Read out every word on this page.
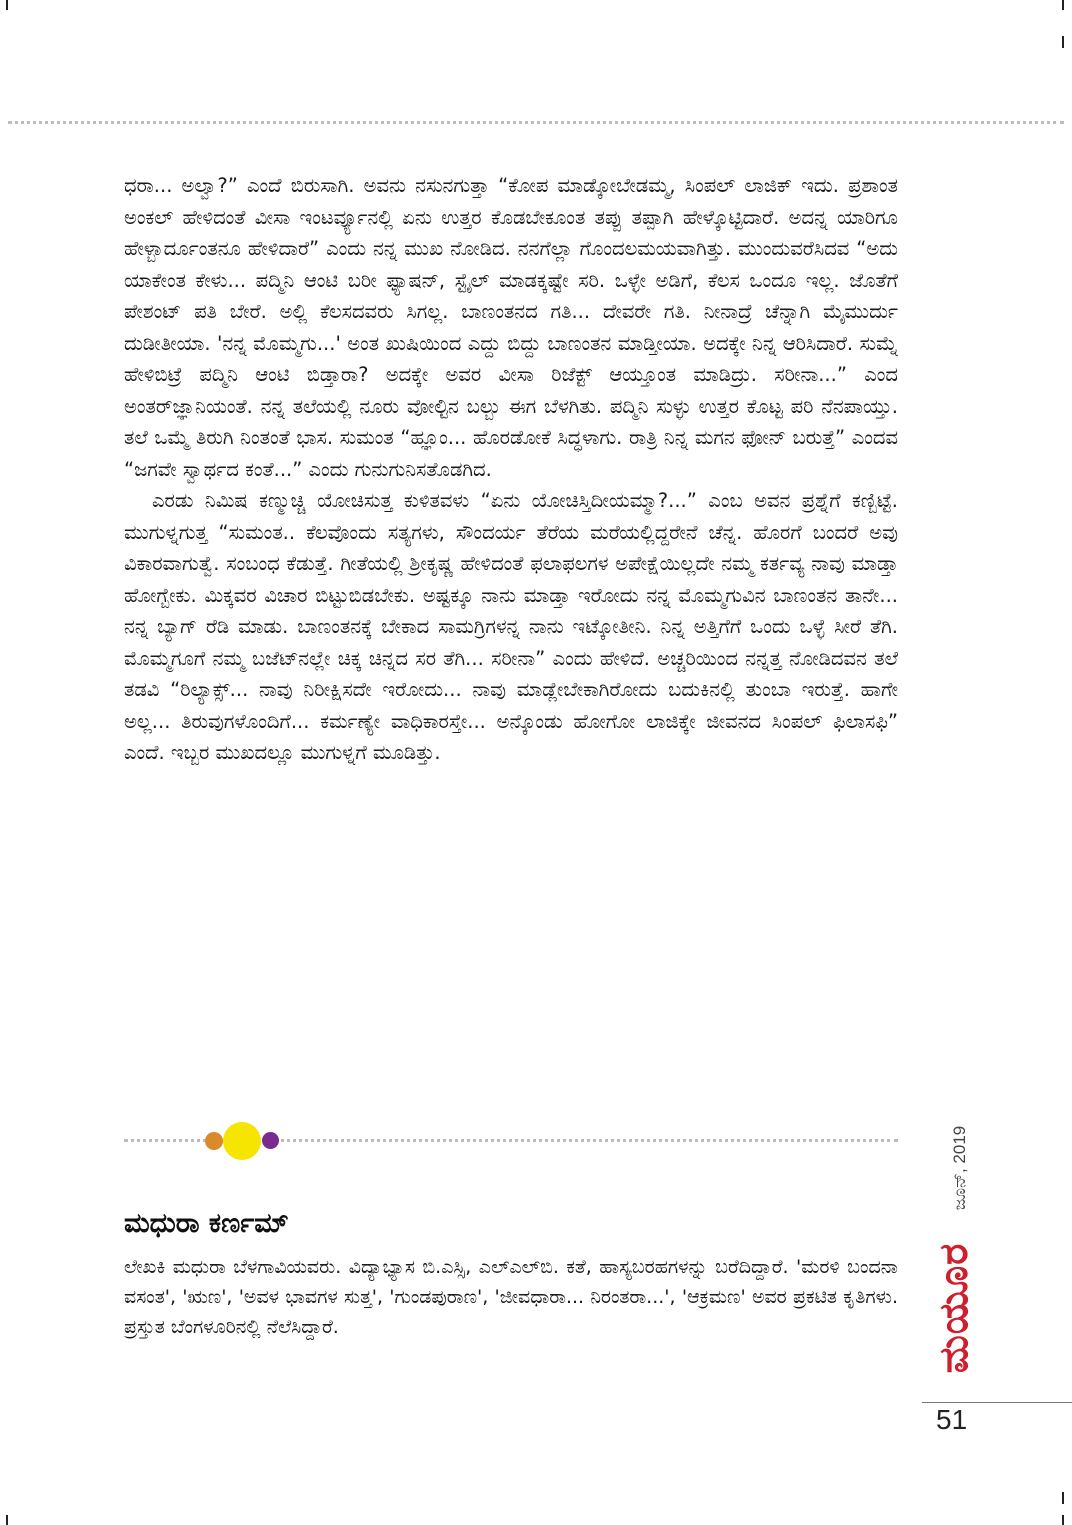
ಧರಾ... ಅಲ್ವಾ?” ಎಂದೆ ಬಿರುಸಾಗಿ. ಅವನು ನಸುನಗುತ್ತಾ “ಕೋಪ ಮಾಡ್ಕೋಬೇಡಮ್ಮ, ಸಿಂಪಲ್ ಲಾಜಿಕ್ ಇದು. ಪ್ರಶಾಂತ ಅಂಕಲ್ ಹೇಳಿದಂತೆ ವೀಸಾ ಇಂಟರ್ವ್ಯೂನಲ್ಲಿ ಏನು ಉತ್ತರ ಕೊಡಬೇಕೂಂತ ತಪ್ಪು ತಪ್ಪಾಗಿ ಹೇಳ್ಕೊಟ್ಟಿದಾರೆ. ಅದನ್ನ ಯಾರಿಗೂ ಹೇಳ್ಬಾರ್ದೂಂತನೂ ಹೇಳಿದಾರೆ” ಎಂದು ನನ್ನ ಮುಖ ನೋಡಿದ. ನನಗೆಲ್ಲಾ ಗೊಂದಲಮಯವಾಗಿತ್ತು. ಮುಂದುವರೆಸಿದವ “ಅದು ಯಾಕೇಂತ ಕೇಳು... ಪದ್ಮಿನಿ ಆಂಟಿ ಬರೀ ಫ್ಯಾಷನ್, ಸ್ಟೈಲ್ ಮಾಡಕ್ಕಷ್ಟೇ ಸರಿ. ಒಳ್ಳೇ ಅಡಿಗೆ, ಕೆಲಸ ಒಂದೂ ಇಲ್ಲ. ಜೊತೆಗೆ ಪೇಶಂಟ್ ಪತಿ ಬೇರೆ. ಅಲ್ಲಿ ಕೆಲಸದವರು ಸಿಗಲ್ಲ. ಬಾಣಂತನದ ಗತಿ... ದೇವರೇ ಗತಿ. ನೀನಾದ್ರೆ ಚೆನ್ನಾಗಿ ಮೈಮುರ್ದು ದುಡೀತೀಯಾ. 'ನನ್ನ ಮೊಮ್ಮಗು...' ಅಂತ ಖುಷಿಯಿಂದ ಎದ್ದು ಬಿದ್ದು ಬಾಣಂತನ ಮಾಡ್ತೀಯಾ. ಅದಕ್ಕೇ ನಿನ್ನ ಆರಿಸಿದಾರೆ. ಸುಮ್ನೆ ಹೇಳಿಬಿಟ್ರೆ ಪದ್ಮಿನಿ ಆಂಟಿ ಬಿಡ್ತಾರಾ? ಅದಕ್ಕೇ ಅವರ ವೀಸಾ ರಿಜೆಕ್ಟ್ ಆಯ್ತೂಂತ ಮಾಡಿದ್ರು. ಸರೀನಾ...” ಎಂದ ಅಂತರ್‌ಜ್ಞಾನಿಯಂತೆ. ನನ್ನ ತಲೆಯಲ್ಲಿ ನೂರು ವೋಲ್ಟಿನ ಬಲ್ಬು ಈಗ ಬೆಳಗಿತು. ಪದ್ಮಿನಿ ಸುಳ್ಳು ಉತ್ತರ ಕೊಟ್ಟ ಪರಿ ನೆನಪಾಯ್ತು. ತಲೆ ಒಮ್ಮೆ ತಿರುಗಿ ನಿಂತಂತೆ ಭಾಸ. ಸುಮಂತ “ಹ್ಞೂಂ... ಹೊರಡೋಕೆ ಸಿದ್ಧಳಾಗು. ರಾತ್ರಿ ನಿನ್ನ ಮಗನ ಫೋನ್ ಬರುತ್ತೆ” ಎಂದವ “ಜಗವೇ ಸ್ವಾರ್ಥದ ಕಂತೆ...” ಎಂದು ಗುನುಗುನಿಸತೊಡಗಿದ.

ಎರಡು ನಿಮಿಷ ಕಣ್ಮುಚ್ಚಿ ಯೋಚಿಸುತ್ತ ಕುಳಿತವಳು “ಏನು ಯೋಚಿಸ್ತಿದೀಯಮ್ಮಾ?...” ಎಂಬ ಅವನ ಪ್ರಶ್ನೆಗೆ ಕಣ್ಬಿಟ್ಟೆ. ಮುಗುಳ್ನಗುತ್ತ “ಸುಮಂತ.. ಕೆಲವೊಂದು ಸತ್ಯಗಳು, ಸೌಂದರ್ಯ ತೆರೆಯ ಮರೆಯಲ್ಲಿದ್ದರೇನೆ ಚೆನ್ನ. ಹೊರಗೆ ಬಂದರೆ ಅವು ವಿಕಾರವಾಗುತ್ವೆ. ಸಂಬಂಧ ಕೆಡುತ್ತೆ. ಗೀತೆಯಲ್ಲಿ ಶ್ರೀಕೃಷ್ಣ ಹೇಳಿದಂತೆ ಫಲಾಫಲಗಳ ಅಪೇಕ್ಷೆಯಿಲ್ಲದೇ ನಮ್ಮ ಕರ್ತವ್ಯ ನಾವು ಮಾಡ್ತಾ ಹೋಗ್ಬೇಕು. ಮಿಕ್ಕವರ ವಿಚಾರ ಬಿಟ್ಟುಬಿಡಬೇಕು. ಅಷ್ಟಕ್ಕೂ ನಾನು ಮಾಡ್ತಾ ಇರೋದು ನನ್ನ ಮೊಮ್ಮಗುವಿನ ಬಾಣಂತನ ತಾನೇ... ನನ್ನ ಬ್ಯಾಗ್ ರೆಡಿ ಮಾಡು. ಬಾಣಂತನಕ್ಕೆ ಬೇಕಾದ ಸಾಮಗ್ರಿಗಳನ್ನ ನಾನು ಇಟ್ಕೋತೀನಿ. ನಿನ್ನ ಅತ್ತಿಗೆಗೆ ಒಂದು ಒಳ್ಳೆ ಸೀರೆ ತೆಗಿ. ಮೊಮ್ಮಗೂಗೆ ನಮ್ಮ ಬಜೆಟ್‌ನಲ್ಲೇ ಚಿಕ್ಕ ಚಿನ್ನದ ಸರ ತೆಗಿ... ಸರೀನಾ” ಎಂದು ಹೇಳಿದೆ. ಅಚ್ಚರಿಯಿಂದ ನನ್ನತ್ತ ನೋಡಿದವನ ತಲೆ ತಡವಿ “ರಿಲ್ಯಾಕ್ಸ್... ನಾವು ನಿರೀಕ್ಷಿಸದೇ ಇರೋದು... ನಾವು ಮಾಡ್ಲೇಬೇಕಾಗಿರೋದು ಬದುಕಿನಲ್ಲಿ ತುಂಬಾ ಇರುತ್ತೆ. ಹಾಗೇ ಅಲ್ಲ... ತಿರುವುಗಳೊಂದಿಗೆ... ಕರ್ಮಣ್ಯೇ ವಾಧಿಕಾರಸ್ತೇ... ಅನ್ಕೊಂಡು ಹೋಗೋ ಲಾಜಿಕ್ಕೇ ಜೀವನದ ಸಿಂಪಲ್ ಫಿಲಾಸಫಿ” ಎಂದೆ. ಇಬ್ಬರ ಮುಖದಲ್ಲೂ ಮುಗುಳ್ನಗೆ ಮೂಡಿತ್ತು.

ಮಧುರಾ ಕರ್ಣಮ್
ಲೇಖಕಿ ಮಧುರಾ ಬೆಳಗಾವಿಯವರು. ವಿದ್ಯಾಭ್ಯಾಸ ಬಿ.ಎಸ್ಸಿ, ಎಲ್‌ಎಲ್‌ಬಿ. ಕತೆ, ಹಾಸ್ಯಬರಹಗಳನ್ನು ಬರೆದಿದ್ದಾರೆ. 'ಮರಳಿ ಬಂದನಾ ವಸಂತ', 'ಋಣ', 'ಅವಳ ಭಾವಗಳ ಸುತ್ತ', 'ಗುಂಡಪುರಾಣ', 'ಜೀವಧಾರಾ... ನಿರಂತರಾ...', 'ಆಕ್ರಮಣ' ಅವರ ಪ್ರಕಟಿತ ಕೃತಿಗಳು. ಪ್ರಸ್ತುತ ಬೆಂಗಳೂರಿನಲ್ಲಿ ನೆಲೆಸಿದ್ದಾರೆ.
ಜೂನ್, 2019
ಮಯೂರ
51
